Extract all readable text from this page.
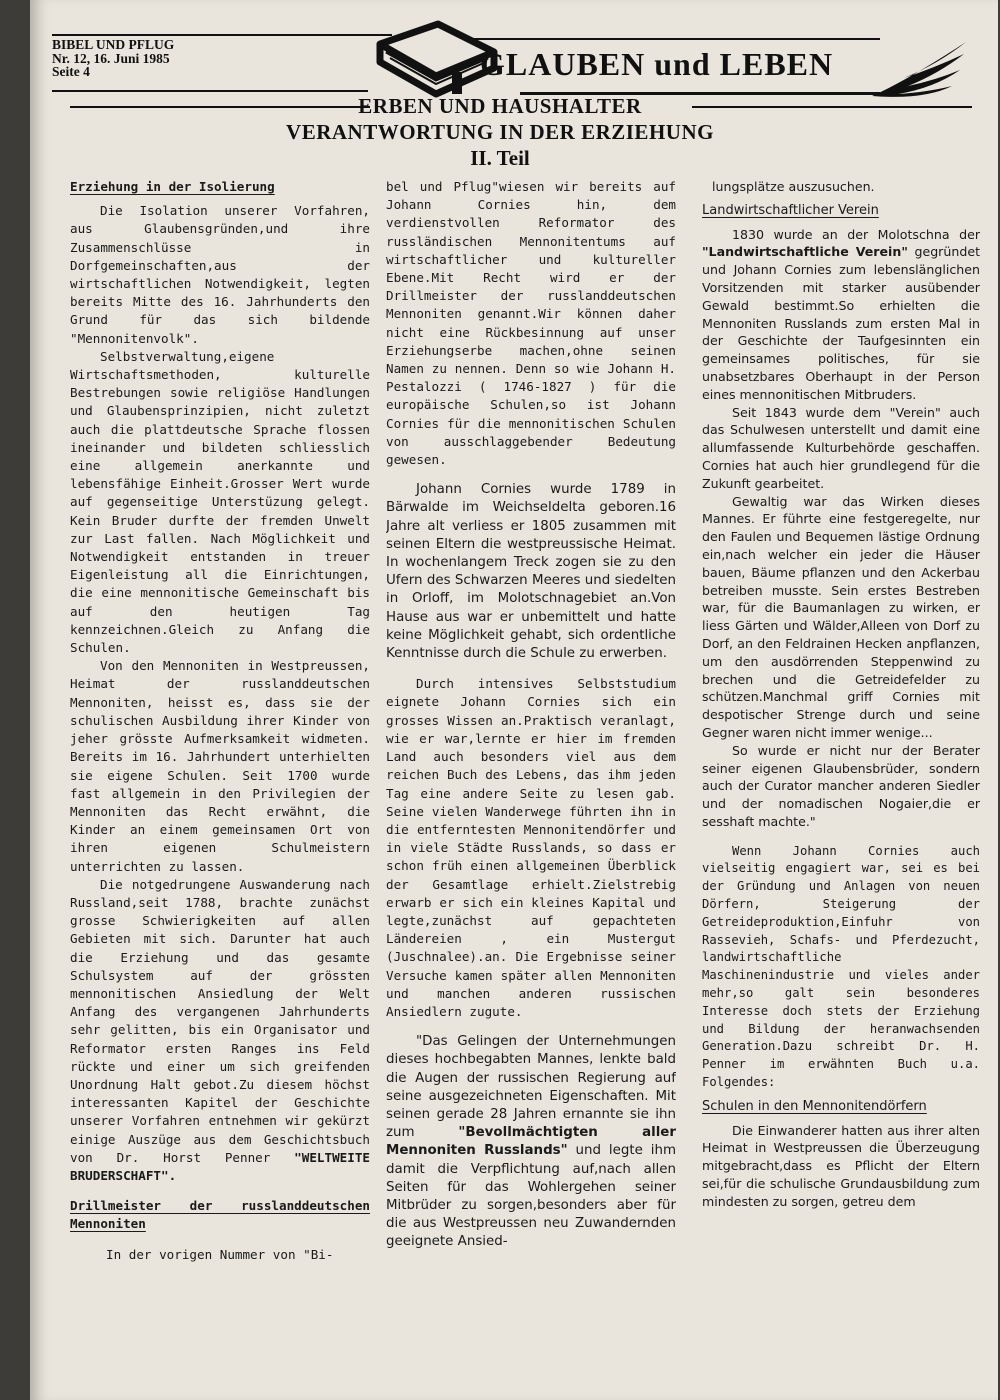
BIBEL UND PFLUG
Nr. 12, 16. Juni 1985
Seite 4	GLAUBEN und LEBEN
ERBEN UND HAUSHALTER
VERANTWORTUNG IN DER ERZIEHUNG
II. Teil

Erziehung in der Isolierung

Die Isolation unserer Vorfahren, aus Glaubensgründen,und ihre Zusammenschlüsse in Dorfgemeinschaften,aus der wirtschaftlichen Notwendigkeit, legten bereits Mitte des 16. Jahrhunderts den Grund für das sich bildende "Mennonitenvolk".

Selbstverwaltung,eigene Wirtschaftsmethoden, kulturelle Bestrebungen sowie religiöse Handlungen und Glaubensprinzipien, nicht zuletzt auch die plattdeutsche Sprache flossen ineinander und bildeten schliesslich eine allgemein anerkannte und lebensfähige Einheit.Grosser Wert wurde auf gegenseitige Unterstüzung gelegt. Kein Bruder durfte der fremden Unwelt zur Last fallen. Nach Möglichkeit und Notwendigkeit entstanden in treuer Eigenleistung all die Einrichtungen, die eine mennonitische Gemeinschaft bis auf den heutigen Tag kennzeichnen.Gleich zu Anfang die Schulen.

Von den Mennoniten in Westpreussen, Heimat der russlanddeutschen Mennoniten, heisst es, dass sie der schulischen Ausbildung ihrer Kinder von jeher grösste Aufmerksamkeit widmeten. Bereits im 16. Jahrhundert unterhielten sie eigene Schulen. Seit 1700 wurde fast allgemein in den Privilegien der Mennoniten das Recht erwähnt, die Kinder an einem gemeinsamen Ort von ihren eigenen Schulmeistern unterrichten zu lassen.

Die notgedrungene Auswanderung nach Russland,seit 1788, brachte zunächst grosse Schwierigkeiten auf allen Gebieten mit sich. Darunter hat auch die Erziehung und das gesamte Schulsystem auf der grössten mennonitischen Ansiedlung der Welt Anfang des vergangenen Jahrhunderts sehr gelitten, bis ein Organisator und Reformator ersten Ranges ins Feld rückte und einer um sich greifenden Unordnung Halt gebot.Zu diesem höchst interessanten Kapitel der Geschichte unserer Vorfahren entnehmen wir gekürzt einige Auszüge aus dem Geschichtsbuch von Dr. Horst Penner "WELTWEITE BRUDERSCHAFT".

Drillmeister der russlanddeutschen Mennoniten

In der vorigen Nummer von "Bi-

bel und Pflug"wiesen wir bereits auf Johann Cornies hin, dem verdienstvollen Reformator des russländischen Mennonitentums auf wirtschaftlicher und kultureller Ebene.Mit Recht wird er der Drillmeister der russlanddeutschen Mennoniten genannt.Wir können daher nicht eine Rückbesinnung auf unser Erziehungserbe machen,ohne seinen Namen zu nennen. Denn so wie Johann H. Pestalozzi ( 1746-1827 ) für die europäische Schulen,so ist Johann Cornies für die mennonitischen Schulen von ausschlaggebender Bedeutung gewesen.

Johann Cornies wurde 1789 in Bärwalde im Weichseldelta geboren.16 Jahre alt verliess er 1805 zusammen mit seinen Eltern die westpreussische Heimat. In wochenlangem Treck zogen sie zu den Ufern des Schwarzen Meeres und siedelten in Orloff, im Molotschnagebiet an.Von Hause aus war er unbemittelt und hatte keine Möglichkeit gehabt, sich ordentliche Kenntnisse durch die Schule zu erwerben.

Durch intensives Selbststudium eignete Johann Cornies sich ein grosses Wissen an.Praktisch veranlagt, wie er war,lernte er hier im fremden Land auch besonders viel aus dem reichen Buch des Lebens, das ihm jeden Tag eine andere Seite zu lesen gab. Seine vielen Wanderwege führten ihn in die entferntesten Mennonitendörfer und in viele Städte Russlands, so dass er schon früh einen allgemeinen Überblick der Gesamtlage erhielt.Zielstrebig erwarb er sich ein kleines Kapital und legte,zunächst auf gepachteten Ländereien , ein Mustergut (Juschnalee).an. Die Ergebnisse seiner Versuche kamen später allen Mennoniten und manchen anderen russischen Ansiedlern zugute.

"Das Gelingen der Unternehmungen dieses hochbegabten Mannes, lenkte bald die Augen der russischen Regierung auf seine ausgezeichneten Eigenschaften. Mit seinen gerade 28 Jahren ernannte sie ihn zum "Bevollmächtigten aller Mennoniten Russlands" und legte ihm damit die Verpflichtung auf,nach allen Seiten für das Wohlergehen seiner Mitbrüder zu sorgen,besonders aber für die aus Westpreussen neu Zuwandernden geeignete Ansied-

lungsplätze auszusuchen.

Landwirtschaftlicher Verein

1830 wurde an der Molotschna der "Landwirtschaftliche Verein" gegründet und Johann Cornies zum lebenslänglichen Vorsitzenden mit starker ausübender Gewald bestimmt.So erhielten die Mennoniten Russlands zum ersten Mal in der Geschichte der Taufgesinnten ein gemeinsames politisches, für sie unabsetzbares Oberhaupt in der Person eines mennonitischen Mitbruders.

Seit 1843 wurde dem "Verein" auch das Schulwesen unterstellt und damit eine allumfassende Kulturbehörde geschaffen. Cornies hat auch hier grundlegend für die Zukunft gearbeitet.

Gewaltig war das Wirken dieses Mannes. Er führte eine festgeregelte, nur den Faulen und Bequemen lästige Ordnung ein,nach welcher ein jeder die Häuser bauen, Bäume pflanzen und den Ackerbau betreiben musste. Sein erstes Bestreben war, für die Baumanlagen zu wirken, er liess Gärten und Wälder,Alleen von Dorf zu Dorf, an den Feldrainen Hecken anpflanzen, um den ausdörrenden Steppenwind zu brechen und die Getreidefelder zu schützen.Manchmal griff Cornies mit despotischer Strenge durch und seine Gegner waren nicht immer wenige...

So wurde er nicht nur der Berater seiner eigenen Glaubensbrüder, sondern auch der Curator mancher anderen Siedler und der nomadischen Nogaier,die er sesshaft machte."

Wenn Johann Cornies auch vielseitig engagiert war, sei es bei der Gründung und Anlagen von neuen Dörfern, Steigerung der Getreideproduktion,Einfuhr von Rassevieh, Schafs- und Pferdezucht, landwirtschaftliche Maschinenindustrie und vieles ander mehr,so galt sein besonderes Interesse doch stets der Erziehung und Bildung der heranwachsenden Generation.Dazu schreibt Dr. H. Penner im erwähnten Buch u.a. Folgendes:

Schulen in den Mennonitendörfern

Die Einwanderer hatten aus ihrer alten Heimat in Westpreussen die Überzeugung mitgebracht,dass es Pflicht der Eltern sei,für die schulische Grundausbildung zum mindesten zu sorgen, getreu dem
